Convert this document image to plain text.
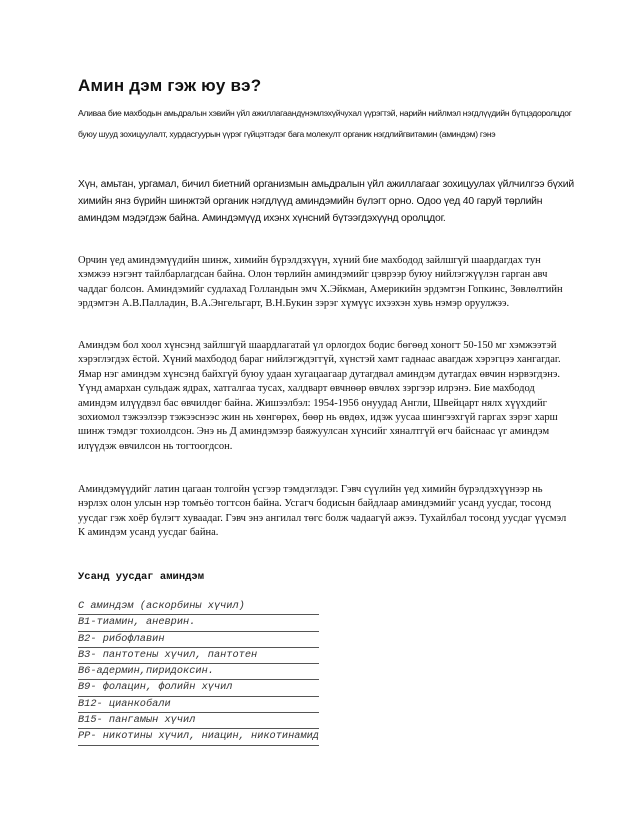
Амин дэм гэж юу вэ?

Аливаа бие махбодын амьдралын хэвийн үйл ажиллагаандүнэмлэхүйчухал үүрэгтэй, нарийн нийлмэл нэгдлүүдийн бүтцэдоролцдог буюу шууд зохицуулалт, хурдасгуурын үүрэг гүйцэтгэдэг бага молекулт органик нэгдлийгвитамин (аминдэм) гэнэ

Хүн, амьтан, ургамал, бичил биетний организмын амьдралын үйл ажиллагааг зохицуулах үйлчилгээ бүхий химийн янз бүрийн шинжтэй органик нэгдлүүд аминдэмийн бүлэгт орно. Одоо үед 40 гаруй төрлийн аминдэм мэдэгдэж байна. Аминдэмүүд ихэнх хүнсний бүтээгдэхүүнд оролцдог.

Орчин үед аминдэмүүдийн шинж, химийн бүрэлдэхүүн, хүний бие махбодод зайлшгүй шаардагдах тун хэмжээ нэгэнт тайлбарлагдсан байна. Олон төрлийн аминдэмийг цэврээр буюу нийлэгжүүлэн гарган авч чаддаг болсон. Аминдэмийг судлахад Голландын эмч Х.Эйкман, Америкийн эрдэмтэн Гопкинс, Зөвлөлтийн эрдэмтэн А.В.Палладин, В.А.Энгельгарт, В.Н.Букин зэрэг хүмүүс ихээхэн хувь нэмэр оруулжээ.

Аминдэм бол хоол хүнсэнд зайлшгүй шаардлагатай үл орлогдох бодис бөгөөд хоногт 50-150 мг хэмжээтэй хэрэглэгдэх ёстой. Хүний махбодод бараг нийлэгждэггүй, хүнстэй хамт гаднаас авагдаж хэрэгцээ хангагдаг. Ямар нэг аминдэм хүнсэнд байхгүй буюу удаан хугацаагаар дутагдвал аминдэм дутагдах өвчин нэрвэгдэнэ. Үүнд амархан сульдаж ядрах, хатгалгаа тусах, халдварт өвчнөөр өвчлөх зэргээр илрэнэ. Бие махбодод аминдэм илүүдвэл бас өвчилдөг байна. Жишээлбэл: 1954-1956 онуудад Англи, Швейцарт нялх хүүхдийг зохиомол тэжээлээр тэжээснээс жин нь хөнгөрөх, бөөр нь өвдөх, идэж уусаа шингээхгүй гаргах зэрэг харш шинж тэмдэг тохиолдсон. Энэ нь Д аминдэмээр баяжуулсан хүнсийг хяналтгүй өгч байснаас үг аминдэм илүүдэж өвчилсон нь тогтоогдсон.

Аминдэмүүдийг латин цагаан толгойн үсгээр тэмдэглэдэг. Гэвч сүүлийн үед химийн бүрэлдэхүүнээр нь нэрлэх олон улсын нэр томъёо тогтсон байна. Усгагч бодисын байдлаар аминдэмийг усанд уусдаг, тосонд уусдаг гэж хоёр бүлэгт хуваадаг. Гэвч энэ ангилал төгс болж чадаагүй ажээ. Тухайлбал тосонд уусдаг үүсмэл К аминдэм усанд уусдаг байна.

Усанд уусдаг аминдэм
С аминдэм (аскорбины хүчил)
В1-тиамин, аневрин.
В2- рибофлавин
В3- пантотены хүчил, пантотен
В6-адермин,пиридоксин.
В9- фолацин, фолийн хүчил
В12- цианкобали
В15- пангамын хүчил
РР- никотины хүчил, ниацин, никотинамид
